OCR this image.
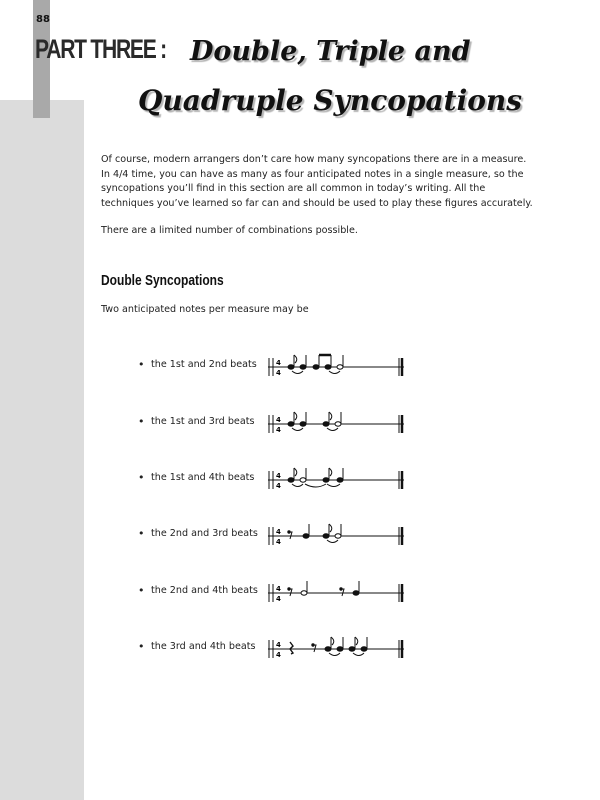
88
PART THREE : Double, Triple and
Quadruple Syncopations
Of course, modern arrangers don’t care how many syncopations there are in a measure. In 4/4 time, you can have as many as four anticipated notes in a single measure, so the syncopations you’ll find in this section are all common in today’s writing. All the techniques you’ve learned so far can and should be used to play these figures accurately.
There are a limited number of combinations possible.
Double Syncopations
Two anticipated notes per measure may be
• the 1st and 2nd beats	4
4
• the 1st and 3rd beats	4
4
• the 1st and 4th beats	4
4
• the 2nd and 3rd beats	4
4
• the 2nd and 4th beats	4
4
• the 3rd and 4th beats	4
4
